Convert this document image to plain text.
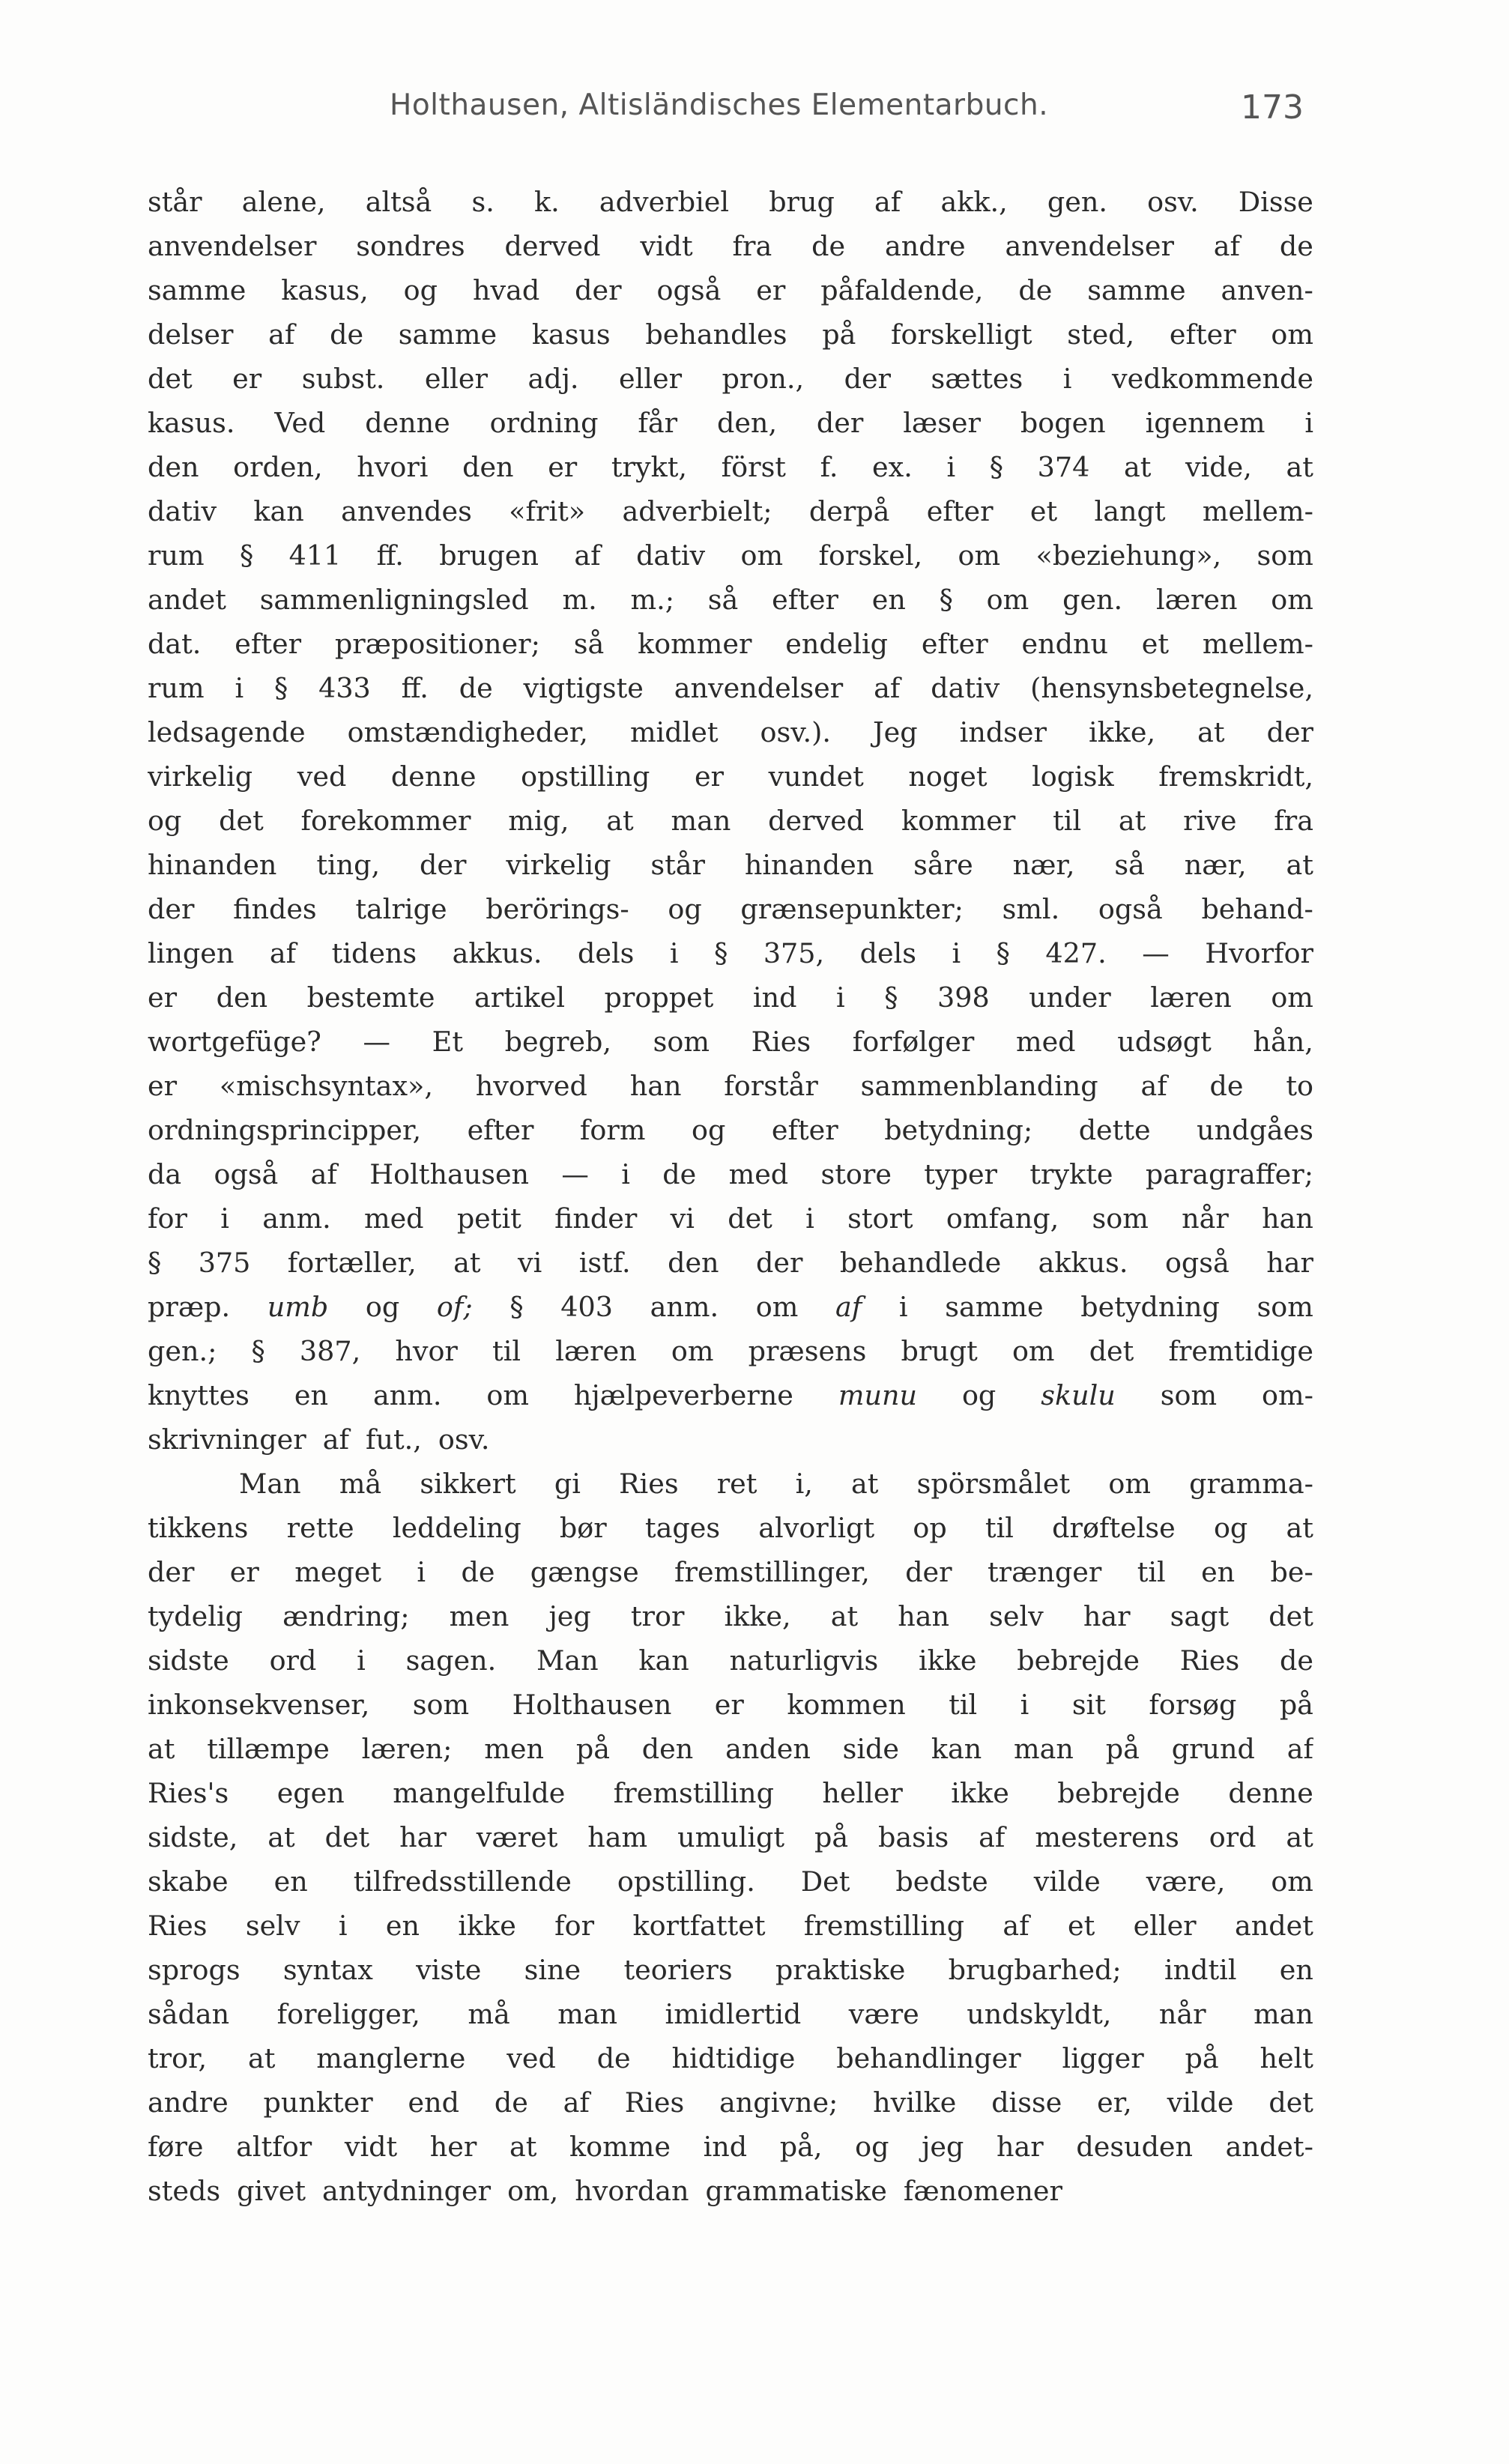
Holthausen, Altisländisches Elementarbuch.	173
står alene, altså s. k. adverbiel brug af akk., gen. osv. Disse
anvendelser sondres derved vidt fra de andre anvendelser af de
samme kasus, og hvad der også er påfaldende, de samme anven-
delser af de samme kasus behandles på forskelligt sted, efter om
det er subst. eller adj. eller pron., der sættes i vedkommende
kasus. Ved denne ordning får den, der læser bogen igennem i
den orden, hvori den er trykt, först f. ex. i § 374 at vide, at
dativ kan anvendes «frit» adverbielt; derpå efter et langt mellem-
rum § 411 ff. brugen af dativ om forskel, om «beziehung», som
andet sammenligningsled m. m.; så efter en § om gen. læren om
dat. efter præpositioner; så kommer endelig efter endnu et mellem-
rum i § 433 ff. de vigtigste anvendelser af dativ (hensynsbetegnelse,
ledsagende omstændigheder, midlet osv.). Jeg indser ikke, at der
virkelig ved denne opstilling er vundet noget logisk fremskridt,
og det forekommer mig, at man derved kommer til at rive fra
hinanden ting, der virkelig står hinanden såre nær, så nær, at
der findes talrige berörings- og grænsepunkter; sml. også behand-
lingen af tidens akkus. dels i § 375, dels i § 427. — Hvorfor
er den bestemte artikel proppet ind i § 398 under læren om
wortgefüge? — Et begreb, som Ries forfølger med udsøgt hån,
er «mischsyntax», hvorved han forstår sammenblanding af de to
ordningsprincipper, efter form og efter betydning; dette undgåes
da også af Holthausen — i de med store typer trykte paragraffer;
for i anm. med petit finder vi det i stort omfang, som når han
§ 375 fortæller, at vi istf. den der behandlede akkus. også har
præp. umb og of; § 403 anm. om af i samme betydning som
gen.; § 387, hvor til læren om præsens brugt om det fremtidige
knyttes en anm. om hjælpeverberne munu og skulu som om-
skrivninger af fut., osv.
Man må sikkert gi Ries ret i, at spörsmålet om gramma-
tikkens rette leddeling bør tages alvorligt op til drøftelse og at
der er meget i de gængse fremstillinger, der trænger til en be-
tydelig ændring; men jeg tror ikke, at han selv har sagt det
sidste ord i sagen. Man kan naturligvis ikke bebrejde Ries de
inkonsekvenser, som Holthausen er kommen til i sit forsøg på
at tillæmpe læren; men på den anden side kan man på grund af
Ries's egen mangelfulde fremstilling heller ikke bebrejde denne
sidste, at det har været ham umuligt på basis af mesterens ord at
skabe en tilfredsstillende opstilling. Det bedste vilde være, om
Ries selv i en ikke for kortfattet fremstilling af et eller andet
sprogs syntax viste sine teoriers praktiske brugbarhed; indtil en
sådan foreligger, må man imidlertid være undskyldt, når man
tror, at manglerne ved de hidtidige behandlinger ligger på helt
andre punkter end de af Ries angivne; hvilke disse er, vilde det
føre altfor vidt her at komme ind på, og jeg har desuden andet-
steds givet antydninger om, hvordan grammatiske fænomener
